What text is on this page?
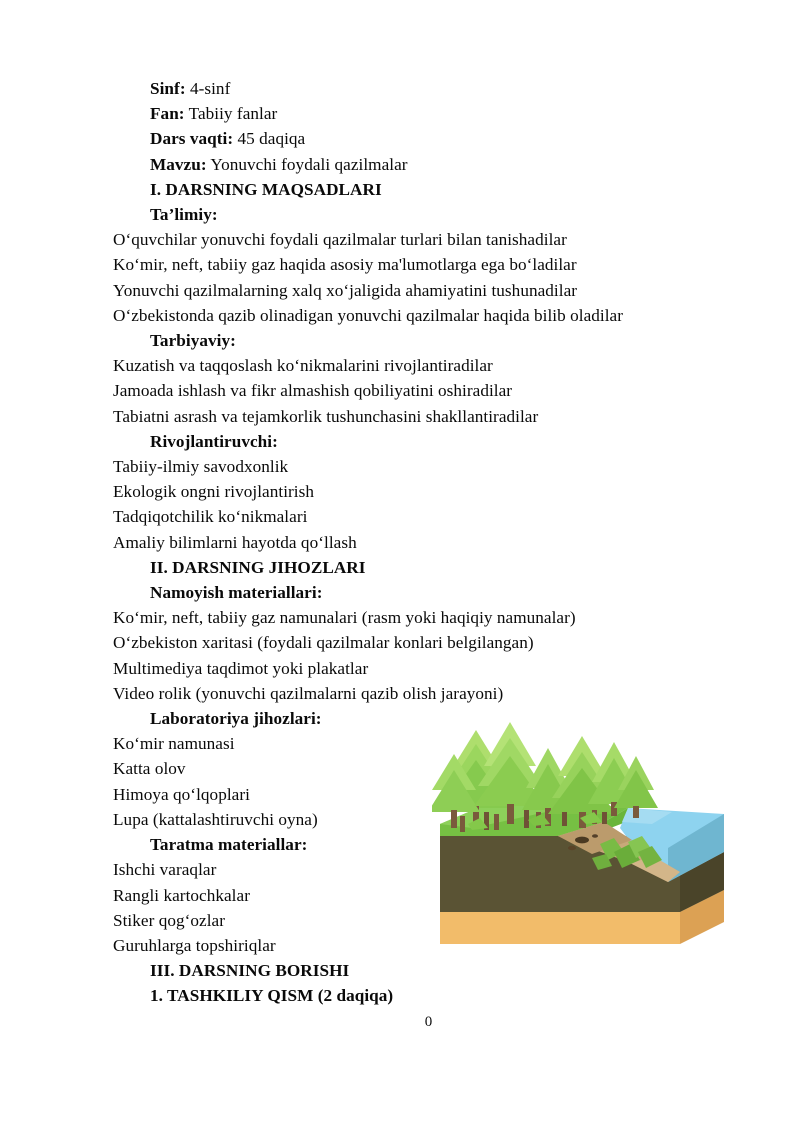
Sinf: 4-sinf
Fan: Tabiiy fanlar
Dars vaqti: 45 daqiqa
Mavzu: Yonuvchi foydali qazilmalar
I. DARSNING MAQSADLARI
Ta’limiy:
Oʻquvchilar yonuvchi foydali qazilmalar turlari bilan tanishadilar
Koʻmir, neft, tabiiy gaz haqida asosiy ma'lumotlarga ega boʻladilar
Yonuvchi qazilmalarning xalq xoʻjaligida ahamiyatini tushunadilar
Oʻzbekistonda qazib olinadigan yonuvchi qazilmalar haqida bilib oladilar
Tarbiyaviy:
Kuzatish va taqqoslash koʻnikmalarini rivojlantiradilar
Jamoada ishlash va fikr almashish qobiliyatini oshiradilar
Tabiatni asrash va tejamkorlik tushunchasini shakllantiradilar
Rivojlantiruvchi:
Tabiiy-ilmiy savodxonlik
Ekologik ongni rivojlantirish
Tadqiqotchilik koʻnikmalari
Amaliy bilimlarni hayotda qoʻllash
II. DARSNING JIHOZLARI
Namoyish materiallari:
Koʻmir, neft, tabiiy gaz namunalari (rasm yoki haqiqiy namunalar)
Oʻzbekiston xaritasi (foydali qazilmalar konlari belgilangan)
Multimediya taqdimot yoki plakatlar
Video rolik (yonuvchi qazilmalarni qazib olish jarayoni)
Laboratoriya jihozlari:
Koʻmir namunasi
Katta olov
Himoya qoʻlqoplari
Lupa (kattalashtiruvchi oyna)
Taratma materiallar:
Ishchi varaqlar
Rangli kartochkalar
Stiker qogʻozlar
Guruhlarga topshiriqlar
III. DARSNING BORISHI
1. TASHKILIY QISM (2 daqiqa)
0
